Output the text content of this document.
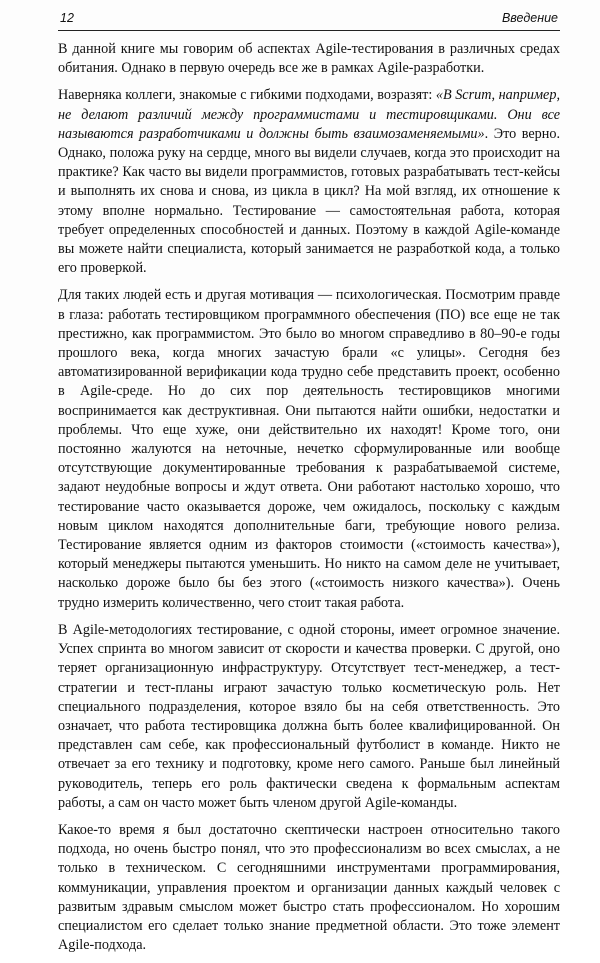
12	Введение

В данной книге мы говорим об аспектах Agile-тестирования в различных средах обитания. Однако в первую очередь все же в рамках Agile-разработки.

Наверняка коллеги, знакомые с гибкими подходами, возразят: «В Scrum, например, не делают различий между программистами и тестировщиками. Они все называются разработчиками и должны быть взаимозаменяемыми». Это верно. Однако, положа руку на сердце, много вы видели случаев, когда это происходит на практике? Как часто вы видели программистов, готовых разрабатывать тест-кейсы и выполнять их снова и снова, из цикла в цикл? На мой взгляд, их отношение к этому вполне нормально. Тестирование — самостоятельная работа, которая требует определенных способностей и данных. Поэтому в каждой Agile-команде вы можете найти специалиста, который занимается не разработкой кода, а только его проверкой.

Для таких людей есть и другая мотивация — психологическая. Посмотрим правде в глаза: работать тестировщиком программного обеспечения (ПО) все еще не так престижно, как программистом. Это было во многом справедливо в 80–90-е годы прошлого века, когда многих зачастую брали «с улицы». Сегодня без автоматизированной верификации кода трудно себе представить проект, особенно в Agile-среде. Но до сих пор деятельность тестировщиков многими воспринимается как деструктивная. Они пытаются найти ошибки, недостатки и проблемы. Что еще хуже, они действительно их находят! Кроме того, они постоянно жалуются на неточные, нечетко сформулированные или вообще отсутствующие документированные требования к разрабатываемой системе, задают неудобные вопросы и ждут ответа. Они работают настолько хорошо, что тестирование часто оказывается дороже, чем ожидалось, поскольку с каждым новым циклом находятся дополнительные баги, требующие нового релиза. Тестирование является одним из факторов стоимости («стоимость качества»), который менеджеры пытаются уменьшить. Но никто на самом деле не учитывает, насколько дороже было бы без этого («стоимость низкого качества»). Очень трудно измерить количественно, чего стоит такая работа.

В Agile-методологиях тестирование, с одной стороны, имеет огромное значение. Успех спринта во многом зависит от скорости и качества проверки. С другой, оно теряет организационную инфраструктуру. Отсутствует тест-менеджер, а тест-стратегии и тест-планы играют зачастую только косметическую роль. Нет специального подразделения, которое взяло бы на себя ответственность. Это означает, что работа тестировщика должна быть более квалифицированной. Он представлен сам себе, как профессиональный футболист в команде. Никто не отвечает за его технику и подготовку, кроме него самого. Раньше был линейный руководитель, теперь его роль фактически сведена к формальным аспектам работы, а сам он часто может быть членом другой Agile-команды.

Какое-то время я был достаточно скептически настроен относительно такого подхода, но очень быстро понял, что это профессионализм во всех смыслах, а не только в техническом. С сегодняшними инструментами программирования, коммуникации, управления проектом и организации данных каждый человек с развитым здравым смыслом может быстро стать профессионалом. Но хорошим специалистом его сделает только знание предметной области. Это тоже элемент Agile-подхода.
